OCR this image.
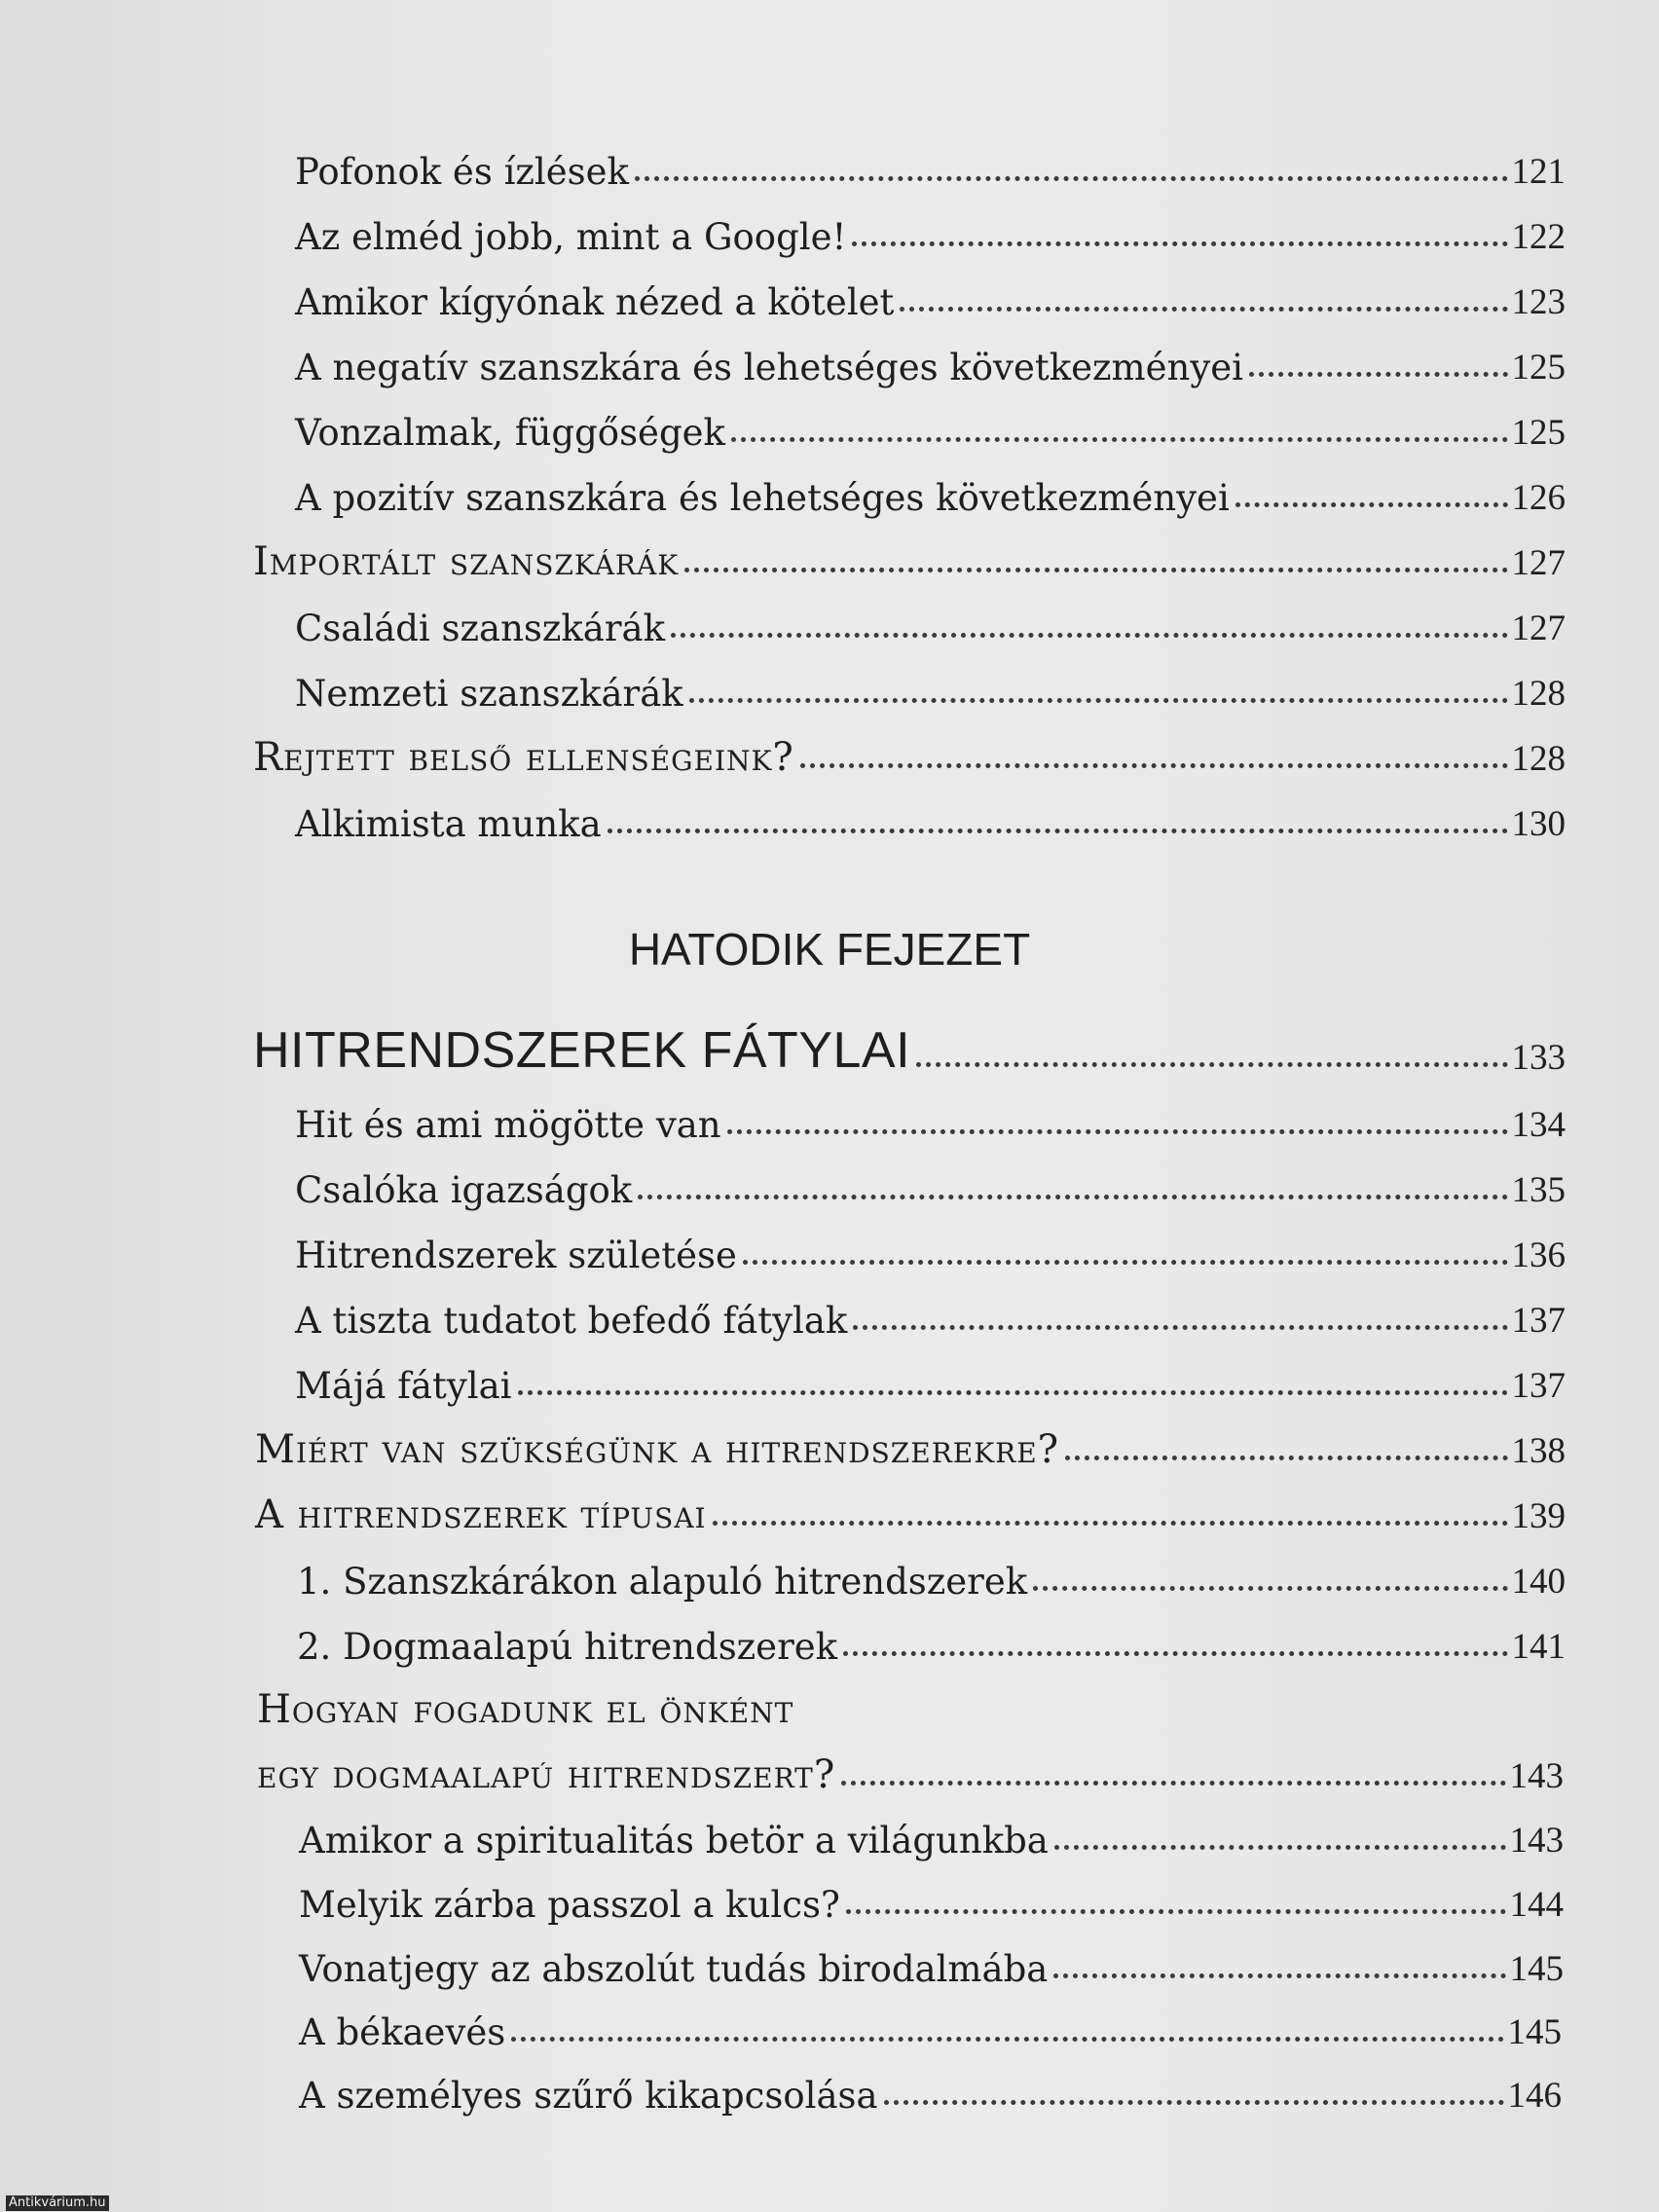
Pofonok és ízlések	121
Az elméd jobb, mint a Google!	122
Amikor kígyónak nézed a kötelet	123
A negatív szanszkára és lehetséges következményei	125
Vonzalmak, függőségek	125
A pozitív szanszkára és lehetséges következményei	126
Importált szanszkárák	127
Családi szanszkárák	127
Nemzeti szanszkárák	128
Rejtett belső ellenségeink?	128
Alkimista munka	130
HATODIK FEJEZET
HITRENDSZEREK FÁTYLAI	133
Hit és ami mögötte van	134
Csalóka igazságok	135
Hitrendszerek születése	136
A tiszta tudatot befedő fátylak	137
Májá fátylai	137
Miért van szükségünk a hitrendszerekre?	138
A hitrendszerek típusai	139
1. Szanszkárákon alapuló hitrendszerek	140
2. Dogmaalapú hitrendszerek	141
Hogyan fogadunk el önként
egy dogmaalapú hitrendszert?	143
Amikor a spiritualitás betör a világunkba	143
Melyik zárba passzol a kulcs?	144
Vonatjegy az abszolút tudás birodalmába	145
A békaevés	145
A személyes szűrő kikapcsolása	146
Antikvárium.hu
